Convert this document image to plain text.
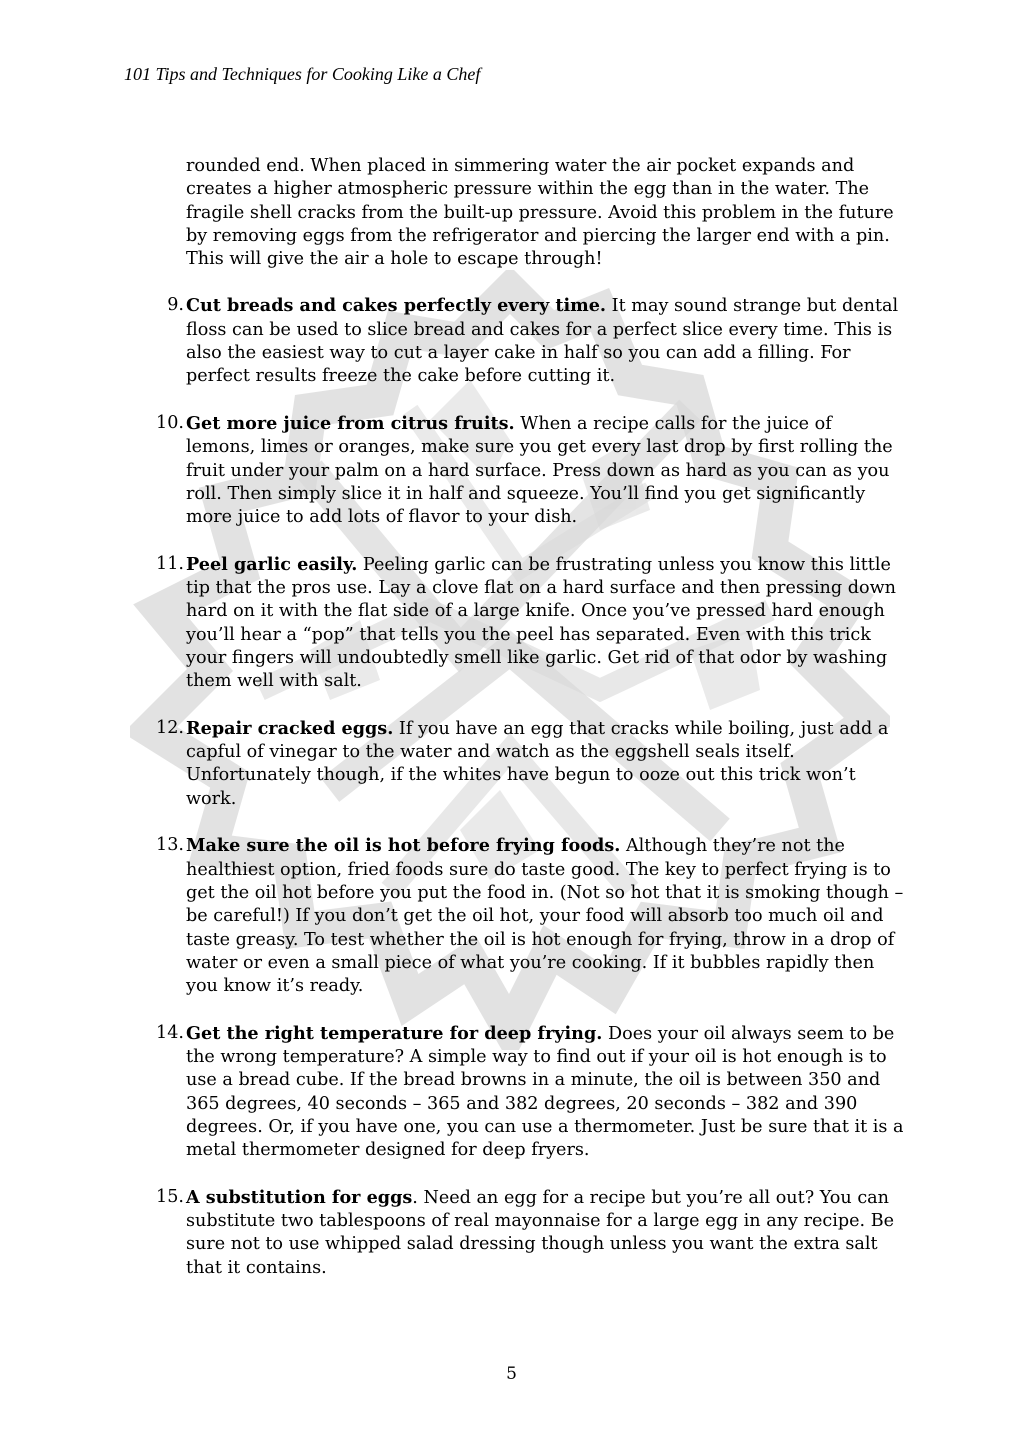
101 Tips and Techniques for Cooking Like a Chef

rounded end. When placed in simmering water the air pocket expands and creates a higher atmospheric pressure within the egg than in the water. The fragile shell cracks from the built-up pressure. Avoid this problem in the future by removing eggs from the refrigerator and piercing the larger end with a pin. This will give the air a hole to escape through!

9. Cut breads and cakes perfectly every time. It may sound strange but dental floss can be used to slice bread and cakes for a perfect slice every time. This is also the easiest way to cut a layer cake in half so you can add a filling. For perfect results freeze the cake before cutting it.
10. Get more juice from citrus fruits. When a recipe calls for the juice of lemons, limes or oranges, make sure you get every last drop by first rolling the fruit under your palm on a hard surface. Press down as hard as you can as you roll. Then simply slice it in half and squeeze. You’ll find you get significantly more juice to add lots of flavor to your dish.
11. Peel garlic easily. Peeling garlic can be frustrating unless you know this little tip that the pros use. Lay a clove flat on a hard surface and then pressing down hard on it with the flat side of a large knife. Once you’ve pressed hard enough you’ll hear a “pop” that tells you the peel has separated. Even with this trick your fingers will undoubtedly smell like garlic. Get rid of that odor by washing them well with salt.
12. Repair cracked eggs. If you have an egg that cracks while boiling, just add a capful of vinegar to the water and watch as the eggshell seals itself. Unfortunately though, if the whites have begun to ooze out this trick won’t work.
13. Make sure the oil is hot before frying foods. Although they’re not the healthiest option, fried foods sure do taste good. The key to perfect frying is to get the oil hot before you put the food in. (Not so hot that it is smoking though – be careful!) If you don’t get the oil hot, your food will absorb too much oil and taste greasy. To test whether the oil is hot enough for frying, throw in a drop of water or even a small piece of what you’re cooking. If it bubbles rapidly then you know it’s ready.
14. Get the right temperature for deep frying. Does your oil always seem to be the wrong temperature? A simple way to find out if your oil is hot enough is to use a bread cube. If the bread browns in a minute, the oil is between 350 and 365 degrees, 40 seconds – 365 and 382 degrees, 20 seconds – 382 and 390 degrees. Or, if you have one, you can use a thermometer. Just be sure that it is a metal thermometer designed for deep fryers.
15. A substitution for eggs. Need an egg for a recipe but you’re all out? You can substitute two tablespoons of real mayonnaise for a large egg in any recipe. Be sure not to use whipped salad dressing though unless you want the extra salt that it contains.
5
